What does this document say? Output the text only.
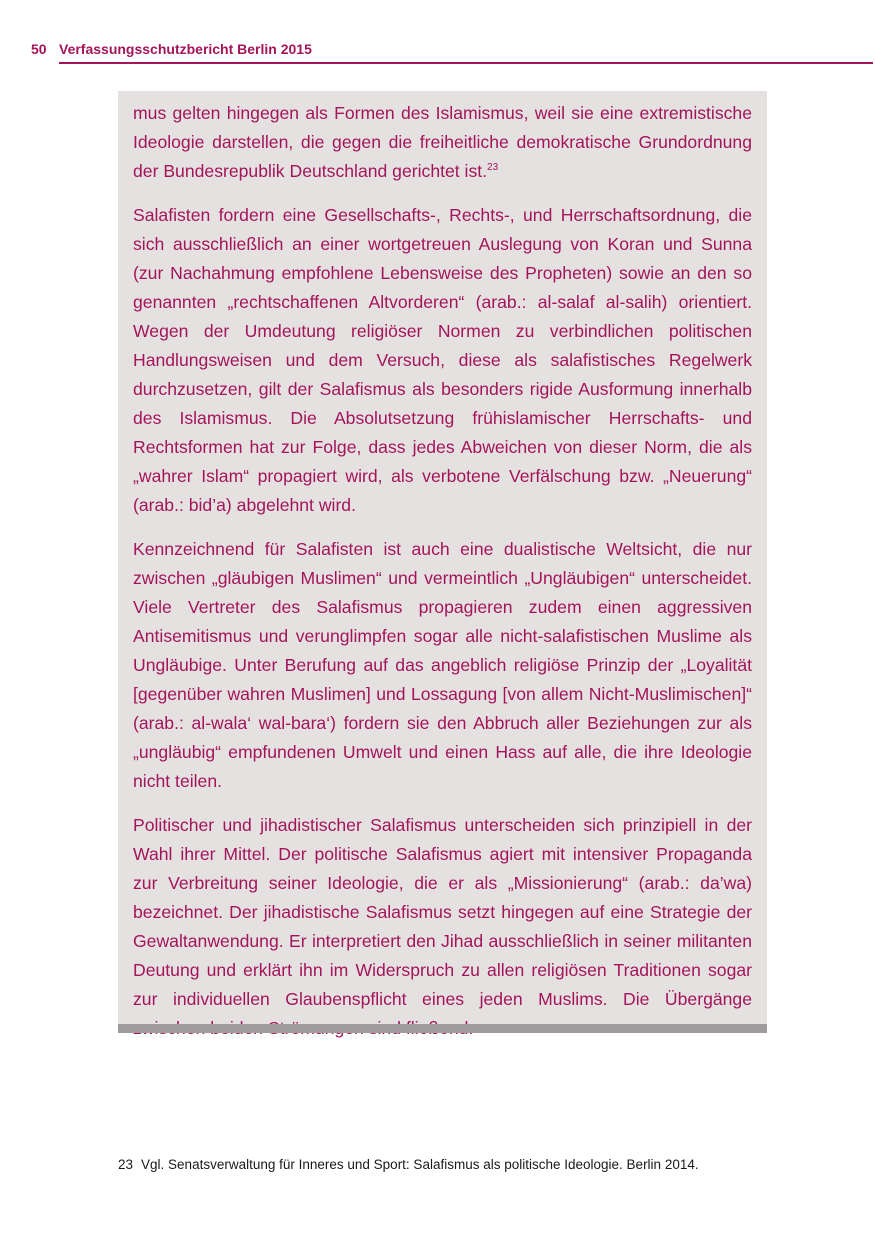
50 Verfassungsschutzbericht Berlin 2015

mus gelten hingegen als Formen des Islamismus, weil sie eine extremistische Ideologie darstellen, die gegen die freiheitliche demokratische Grundordnung der Bundesrepublik Deutschland gerichtet ist.$^{23}$

Salafisten fordern eine Gesellschafts-, Rechts-, und Herrschaftsordnung, die sich ausschließlich an einer wortgetreuen Auslegung von Koran und Sunna (zur Nachahmung empfohlene Lebensweise des Propheten) sowie an den so genannten „rechtschaffenen Altvorderen“ (arab.: al-salaf al-salih) orientiert. Wegen der Umdeutung religiöser Normen zu verbindlichen politischen Handlungsweisen und dem Versuch, diese als salafistisches Regelwerk durchzusetzen, gilt der Salafismus als besonders rigide Ausformung innerhalb des Islamismus. Die Absolutsetzung frühislamischer Herrschafts- und Rechtsformen hat zur Folge, dass jedes Abweichen von dieser Norm, die als „wahrer Islam“ propagiert wird, als verbotene Verfälschung bzw. „Neuerung“ (arab.: bid’a) abgelehnt wird.

Kennzeichnend für Salafisten ist auch eine dualistische Weltsicht, die nur zwischen „gläubigen Muslimen“ und vermeintlich „Ungläubigen“ unterscheidet. Viele Vertreter des Salafismus propagieren zudem einen aggressiven Antisemitismus und verunglimpfen sogar alle nicht-salafistischen Muslime als Ungläubige. Unter Berufung auf das angeblich religiöse Prinzip der „Loyalität [gegenüber wahren Muslimen] und Lossagung [von allem Nicht-Muslimischen]“ (arab.: al-wala‘ wal-bara‘) fordern sie den Abbruch aller Beziehungen zur als „ungläubig“ empfundenen Umwelt und einen Hass auf alle, die ihre Ideologie nicht teilen.

Politischer und jihadistischer Salafismus unterscheiden sich prinzipiell in der Wahl ihrer Mittel. Der politische Salafismus agiert mit intensiver Propaganda zur Verbreitung seiner Ideologie, die er als „Missionierung“ (arab.: da’wa) bezeichnet. Der jihadistische Salafismus setzt hingegen auf eine Strategie der Gewaltanwendung. Er interpretiert den Jihad ausschließlich in seiner militanten Deutung und erklärt ihn im Widerspruch zu allen religiösen Traditionen sogar zur individuellen Glaubenspflicht eines jeden Muslims. Die Übergänge

23 Vgl. Senatsverwaltung für Inneres und Sport: Salafismus als politische Ideologie. Berlin 2014.
